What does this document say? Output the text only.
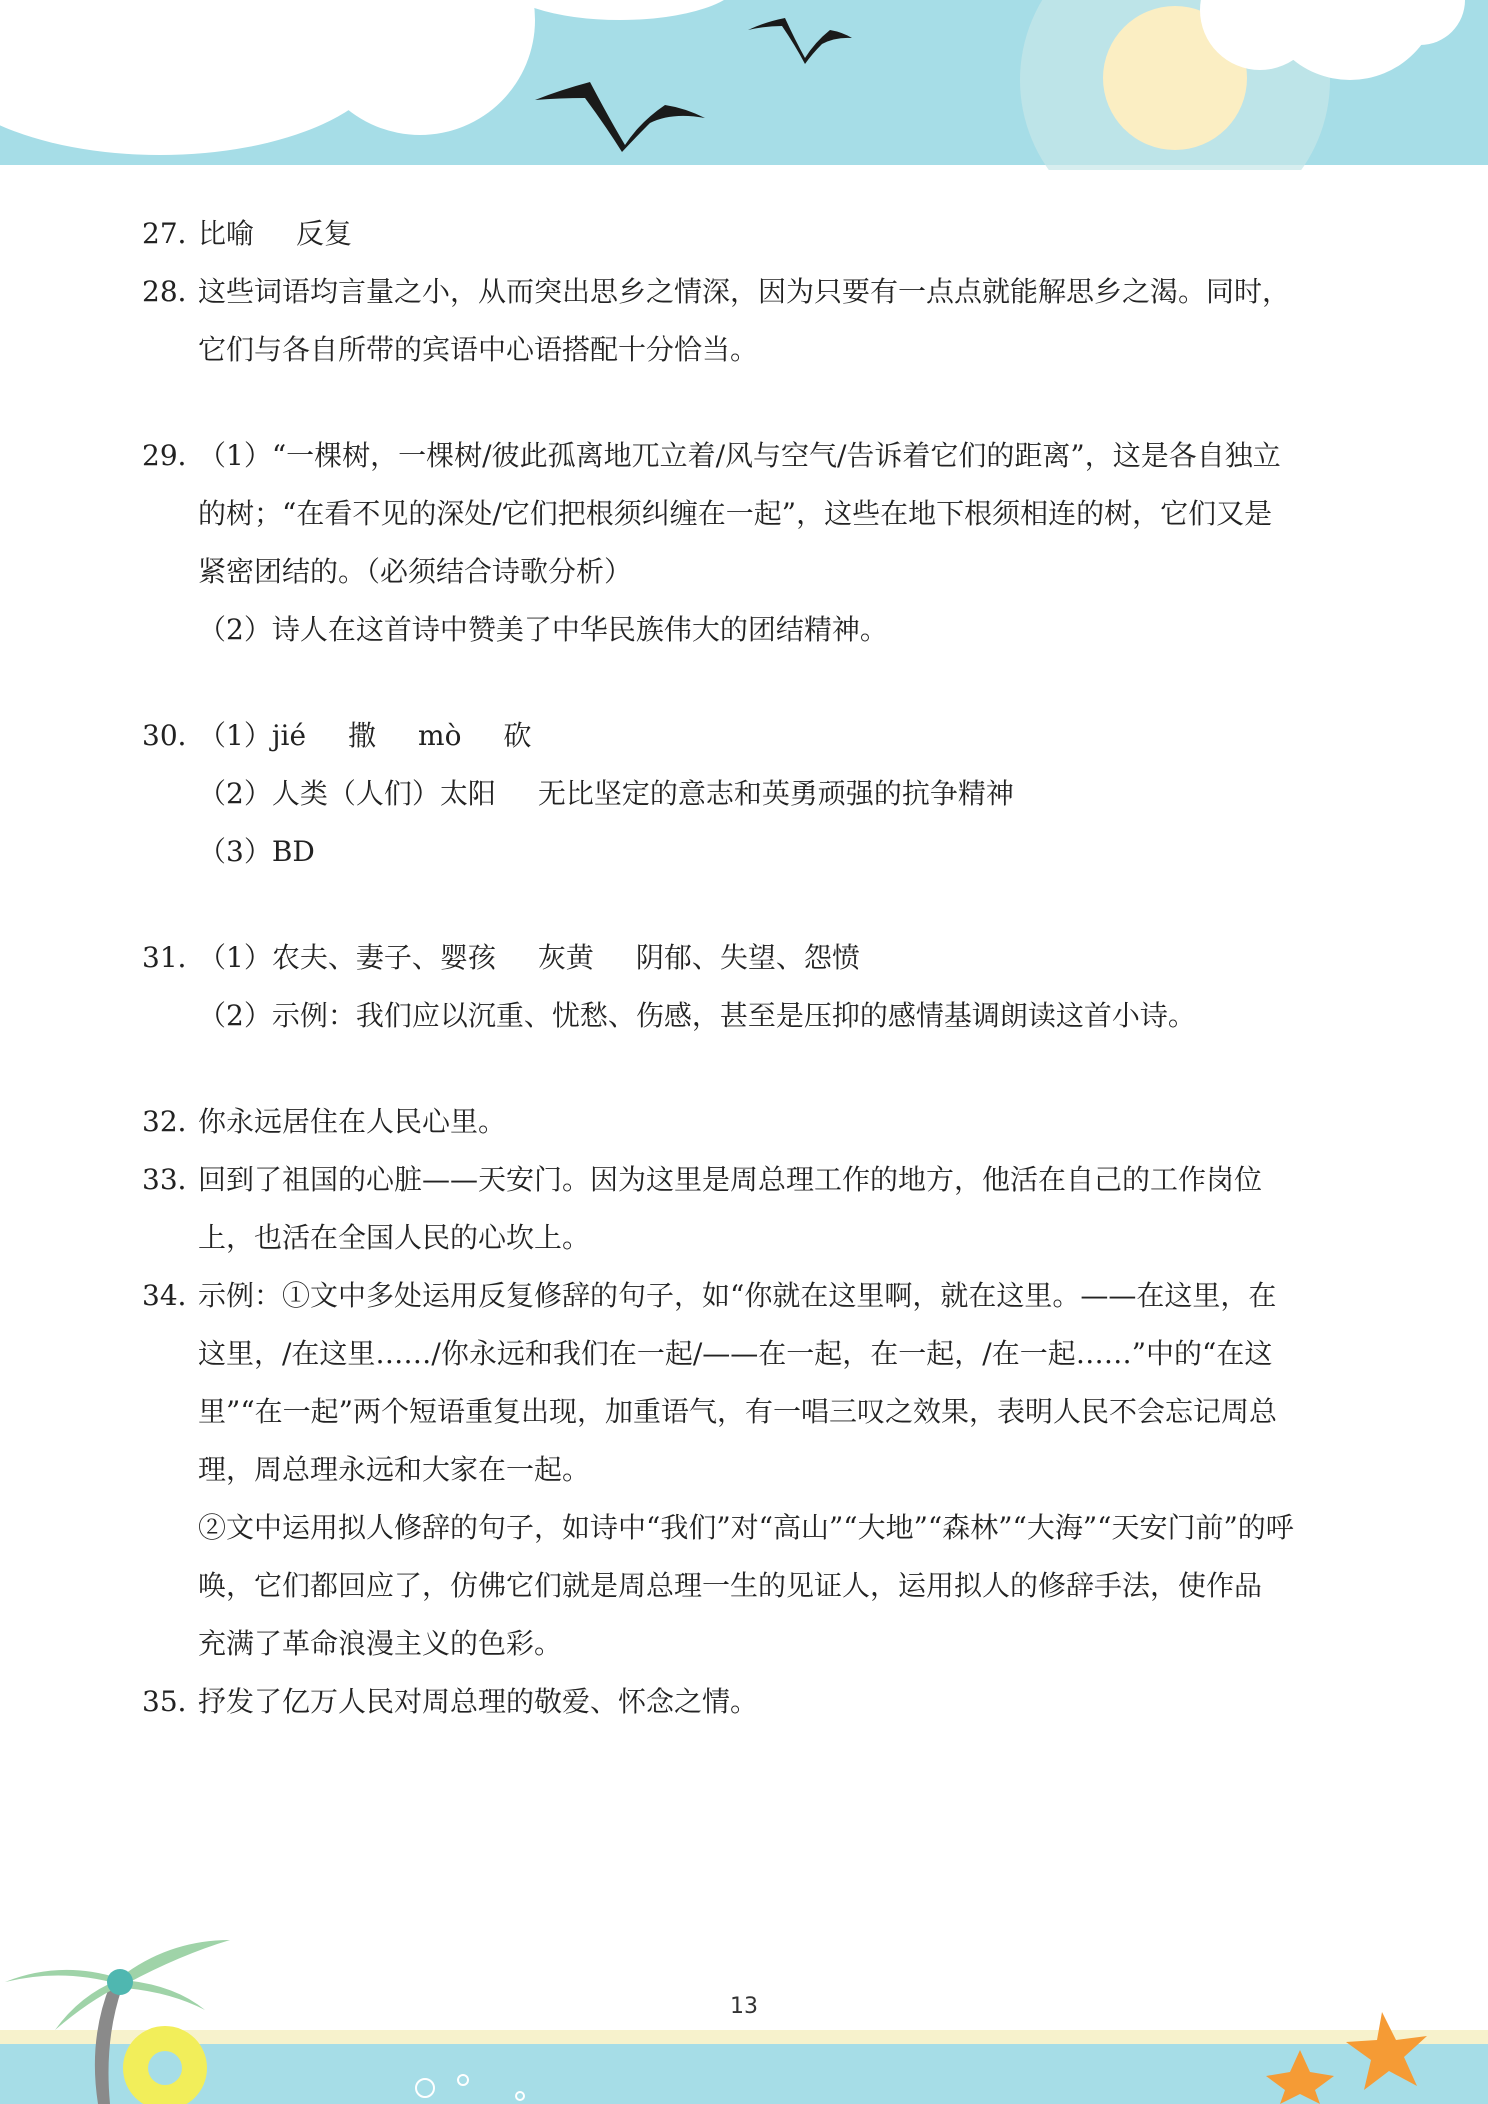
27．
比喻 反复
28．
这些词语均言量之小，从而突出思乡之情深，因为只要有一点点就能解思乡之渴。同时，
它们与各自所带的宾语中心语搭配十分恰当。
29．
（1）“一棵树，一棵树/彼此孤离地兀立着/风与空气/告诉着它们的距离”，这是各自独立
的树；“在看不见的深处/它们把根须纠缠在一起”，这些在地下根须相连的树，它们又是
紧密团结的。（必须结合诗歌分析）
（2）诗人在这首诗中赞美了中华民族伟大的团结精神。
30．
（1）jié 撒 mò 砍
（2）人类（人们）太阳 无比坚定的意志和英勇顽强的抗争精神
（3）BD
31．
（1）农夫、妻子、婴孩 灰黄 阴郁、失望、怨愤
（2）示例：我们应以沉重、忧愁、伤感，甚至是压抑的感情基调朗读这首小诗。
32．
你永远居住在人民心里。
33．
回到了祖国的心脏——天安门。因为这里是周总理工作的地方，他活在自己的工作岗位
上，也活在全国人民的心坎上。
34．
示例：①文中多处运用反复修辞的句子，如“你就在这里啊，就在这里。——在这里，在
这里，/在这里……/你永远和我们在一起/——在一起，在一起，/在一起……”中的“在这
里”“在一起”两个短语重复出现，加重语气，有一唱三叹之效果，表明人民不会忘记周总
理，周总理永远和大家在一起。
②文中运用拟人修辞的句子，如诗中“我们”对“高山”“大地”“森林”“大海”“天安门前”的呼
唤，它们都回应了，仿佛它们就是周总理一生的见证人，运用拟人的修辞手法，使作品
充满了革命浪漫主义的色彩。
35．
抒发了亿万人民对周总理的敬爱、怀念之情。
13
